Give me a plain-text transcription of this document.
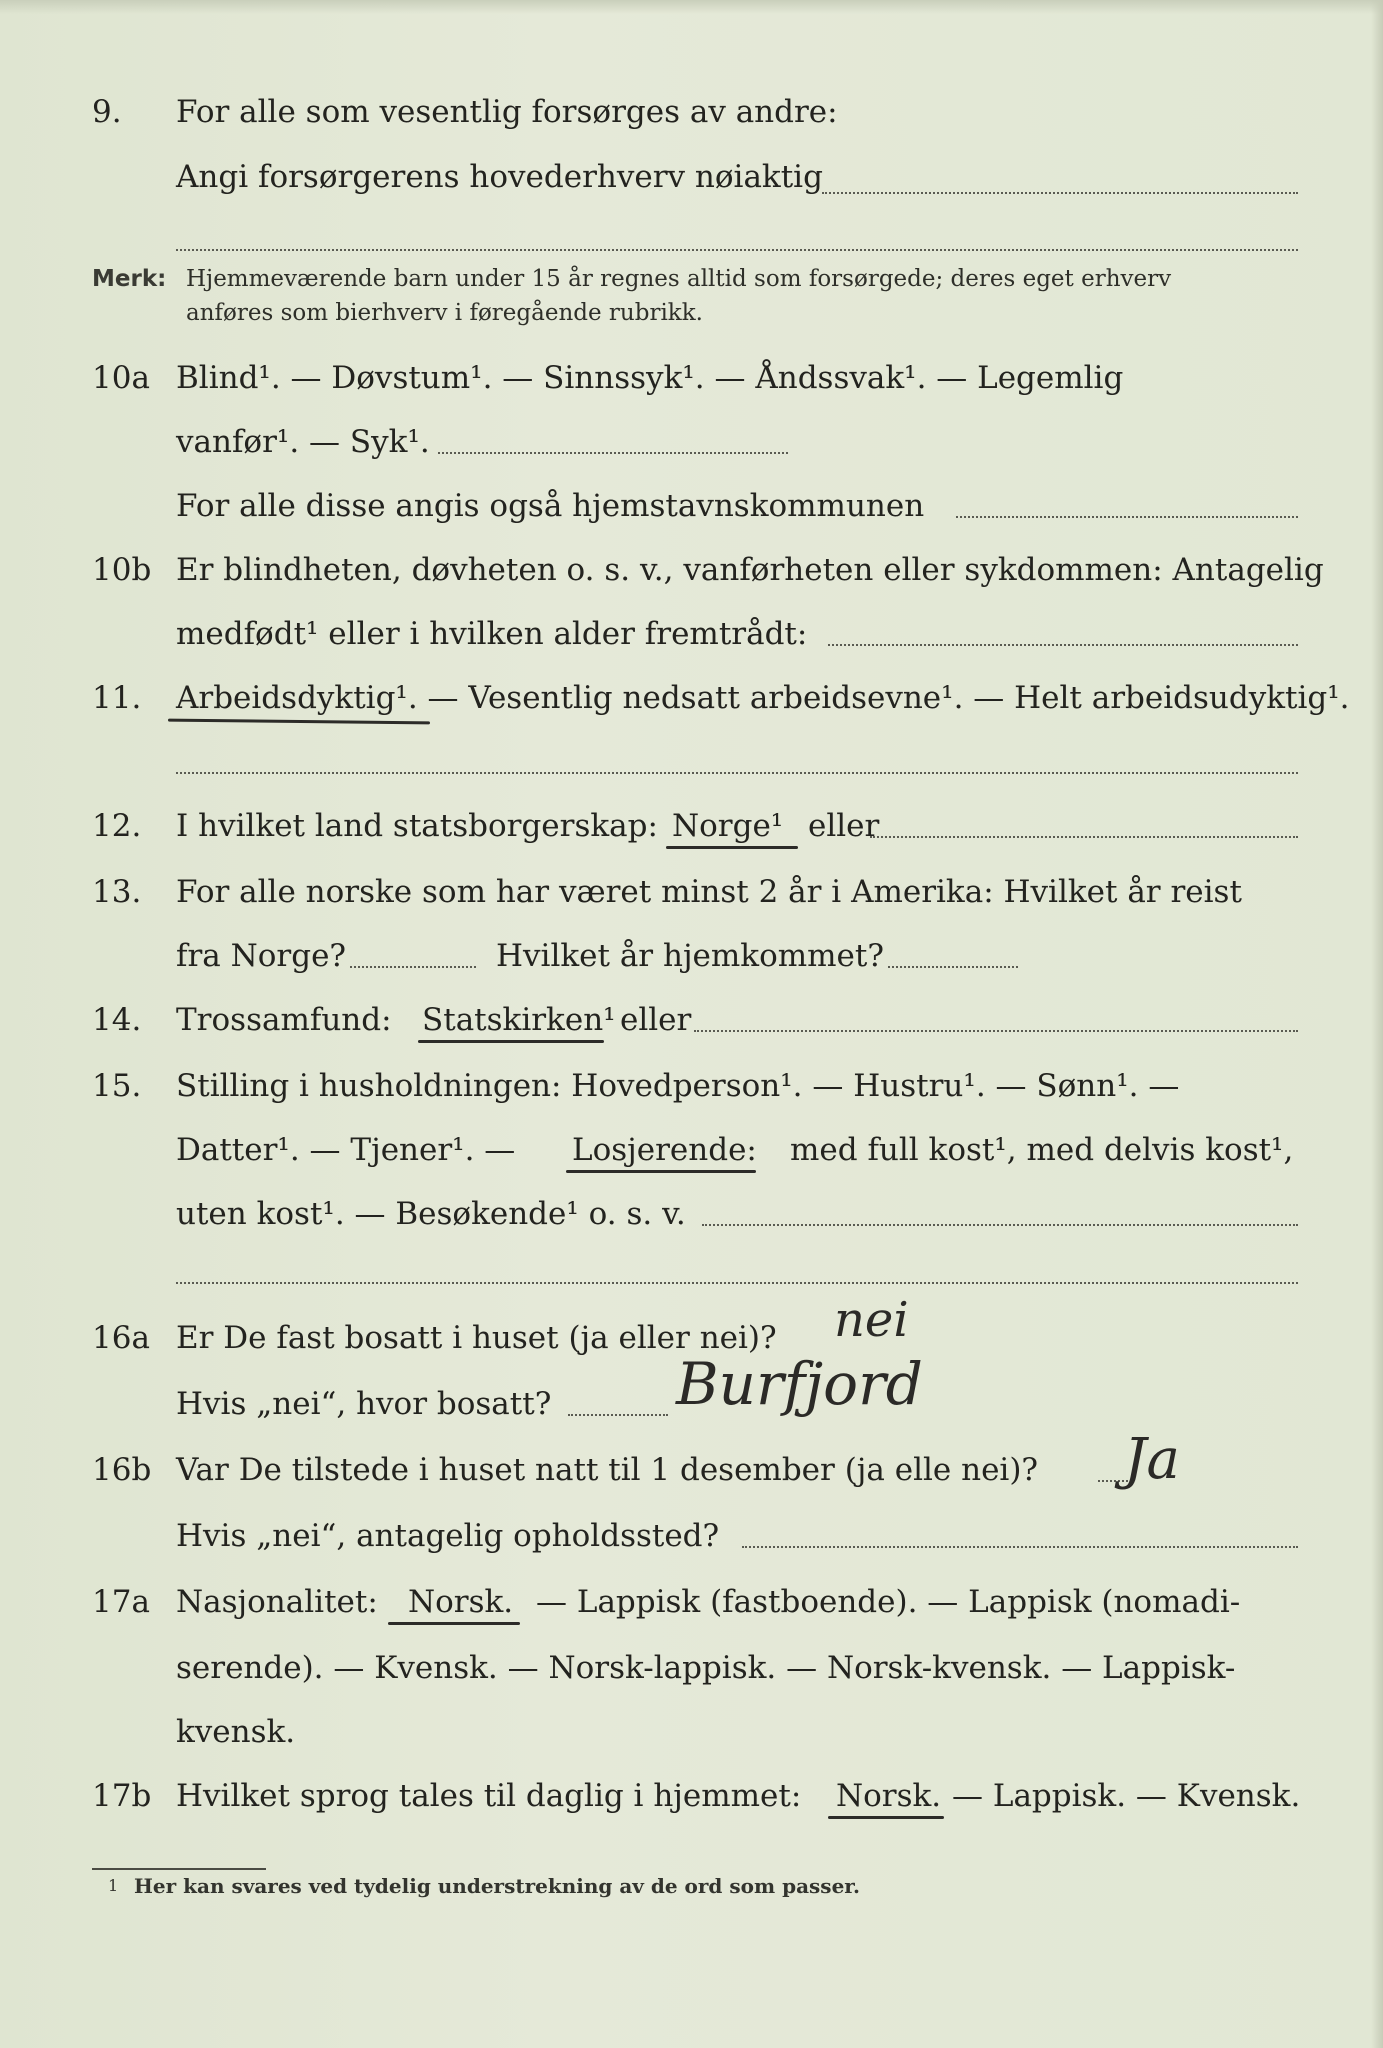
9. For alle som vesentlig forsørges av andre:
Angi forsørgerens hovederhverv nøiaktig
Merk: Hjemmeværende barn under 15 år regnes alltid som forsørgede; deres eget erhverv
anføres som bierhverv i føregående rubrikk.
10a Blind¹. — Døvstum¹. — Sinnssyk¹. — Åndssvak¹. — Legemlig
vanfør¹. — Syk¹.
For alle disse angis også hjemstavnskommunen
10b Er blindheten, døvheten o. s. v., vanførheten eller sykdommen: Antagelig
medfødt¹ eller i hvilken alder fremtrådt:
11. Arbeidsdyktig¹. — Vesentlig nedsatt arbeidsevne¹. — Helt arbeidsudyktig¹.
12. I hvilket land statsborgerskap: Norge¹ eller
13. For alle norske som har været minst 2 år i Amerika: Hvilket år reist
fra Norge?	Hvilket år hjemkommet?
14. Trossamfund: Statskirken¹ eller
15. Stilling i husholdningen: Hovedperson¹. — Hustru¹. — Sønn¹. —
Datter¹. — Tjener¹. — Losjerende: med full kost¹, med delvis kost¹,
uten kost¹. — Besøkende¹ o. s. v.
16a Er De fast bosatt i huset (ja eller nei)? nei
Hvis „nei“, hvor bosatt? Burfjord
16b Var De tilstede i huset natt til 1 desember (ja elle nei)? Ja
Hvis „nei“, antagelig opholdssted?
17a Nasjonalitet: Norsk. — Lappisk (fastboende). — Lappisk (nomadi-
serende). — Kvensk. — Norsk-lappisk. — Norsk-kvensk. — Lappisk-
kvensk.
17b Hvilket sprog tales til daglig i hjemmet: Norsk. — Lappisk. — Kvensk.
1 Her kan svares ved tydelig understrekning av de ord som passer.
